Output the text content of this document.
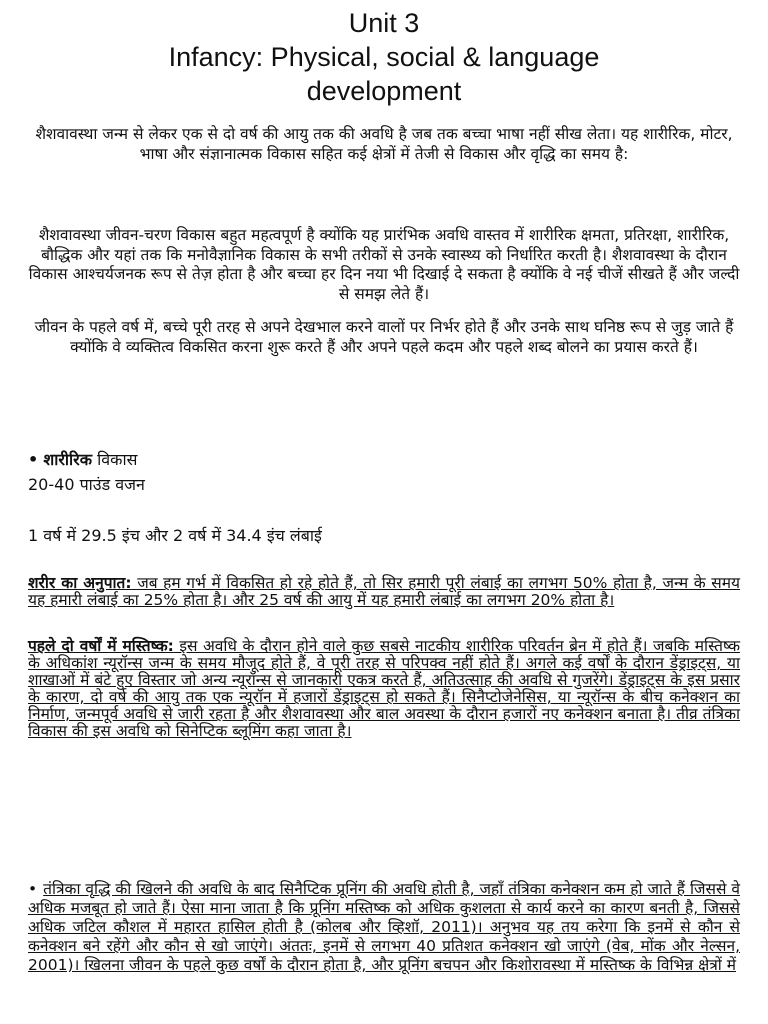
Unit 3
Infancy: Physical, social & language
development

शैशवावस्था जन्म से लेकर एक से दो वर्ष की आयु तक की अवधि है जब तक बच्चा भाषा नहीं सीख लेता। यह शारीरिक, मोटर, भाषा और संज्ञानात्मक विकास सहित कई क्षेत्रों में तेजी से विकास और वृद्धि का समय है:

शैशवावस्था जीवन-चरण विकास बहुत महत्वपूर्ण है क्योंकि यह प्रारंभिक अवधि वास्तव में शारीरिक क्षमता, प्रतिरक्षा, शारीरिक, बौद्धिक और यहां तक कि मनोवैज्ञानिक विकास के सभी तरीकों से उनके स्वास्थ्य को निर्धारित करती है। शैशवावस्था के दौरान विकास आश्चर्यजनक रूप से तेज़ होता है और बच्चा हर दिन नया भी दिखाई दे सकता है क्योंकि वे नई चीजें सीखते हैं और जल्दी से समझ लेते हैं।

जीवन के पहले वर्ष में, बच्चे पूरी तरह से अपने देखभाल करने वालों पर निर्भर होते हैं और उनके साथ घनिष्ठ रूप से जुड़ जाते हैं क्योंकि वे व्यक्तित्व विकसित करना शुरू करते हैं और अपने पहले कदम और पहले शब्द बोलने का प्रयास करते हैं।

• शारीरिक विकास
20-40 पाउंड वजन
1 वर्ष में 29.5 इंच और 2 वर्ष में 34.4 इंच लंबाई
शरीर का अनुपात: जब हम गर्भ में विकसित हो रहे होते हैं, तो सिर हमारी पूरी लंबाई का लगभग 50% होता है, जन्म के समय यह हमारी लंबाई का 25% होता है। और 25 वर्ष की आयु में यह हमारी लंबाई का लगभग 20% होता है।
पहले दो वर्षों में मस्तिष्क: इस अवधि के दौरान होने वाले कुछ सबसे नाटकीय शारीरिक परिवर्तन ब्रेन में होते हैं। जबकि मस्तिष्क के अधिकांश न्यूरॉन्स जन्म के समय मौजूद होते हैं, वे पूरी तरह से परिपक्व नहीं होते हैं। अगले कई वर्षों के दौरान डेंड्राइट्स, या शाखाओं में बंटे हुए विस्तार जो अन्य न्यूरॉन्स से जानकारी एकत्र करते हैं, अतिउत्साह की अवधि से गुजरेंगे। डेंड्राइट्स के इस प्रसार के कारण, दो वर्ष की आयु तक एक न्यूरॉन में हजारों डेंड्राइट्स हो सकते हैं। सिनैप्टोजेनेसिस, या न्यूरॉन्स के बीच कनेक्शन का निर्माण, जन्मपूर्व अवधि से जारी रहता है और शैशवावस्था और बाल अवस्था के दौरान हजारों नए कनेक्शन बनाता है। तीव्र तंत्रिका विकास की इस अवधि को सिनेप्टिक ब्लूमिंग कहा जाता है।
• तंत्रिका वृद्धि की खिलने की अवधि के बाद सिनैप्टिक प्रूनिंग की अवधि होती है, जहाँ तंत्रिका कनेक्शन कम हो जाते हैं जिससे वे अधिक मजबूत हो जाते हैं। ऐसा माना जाता है कि प्रूनिंग मस्तिष्क को अधिक कुशलता से कार्य करने का कारण बनती है, जिससे अधिक जटिल कौशल में महारत हासिल होती है (कोलब और व्हिशॉ, 2011)। अनुभव यह तय करेगा कि इनमें से कौन से कनेक्शन बने रहेंगे और कौन से खो जाएंगे। अंततः, इनमें से लगभग 40 प्रतिशत कनेक्शन खो जाएंगे (वेब, मोंक और नेल्सन, 2001)। खिलना जीवन के पहले कुछ वर्षों के दौरान होता है, और प्रूनिंग बचपन और किशोरावस्था में मस्तिष्क के विभिन्न क्षेत्रों में
